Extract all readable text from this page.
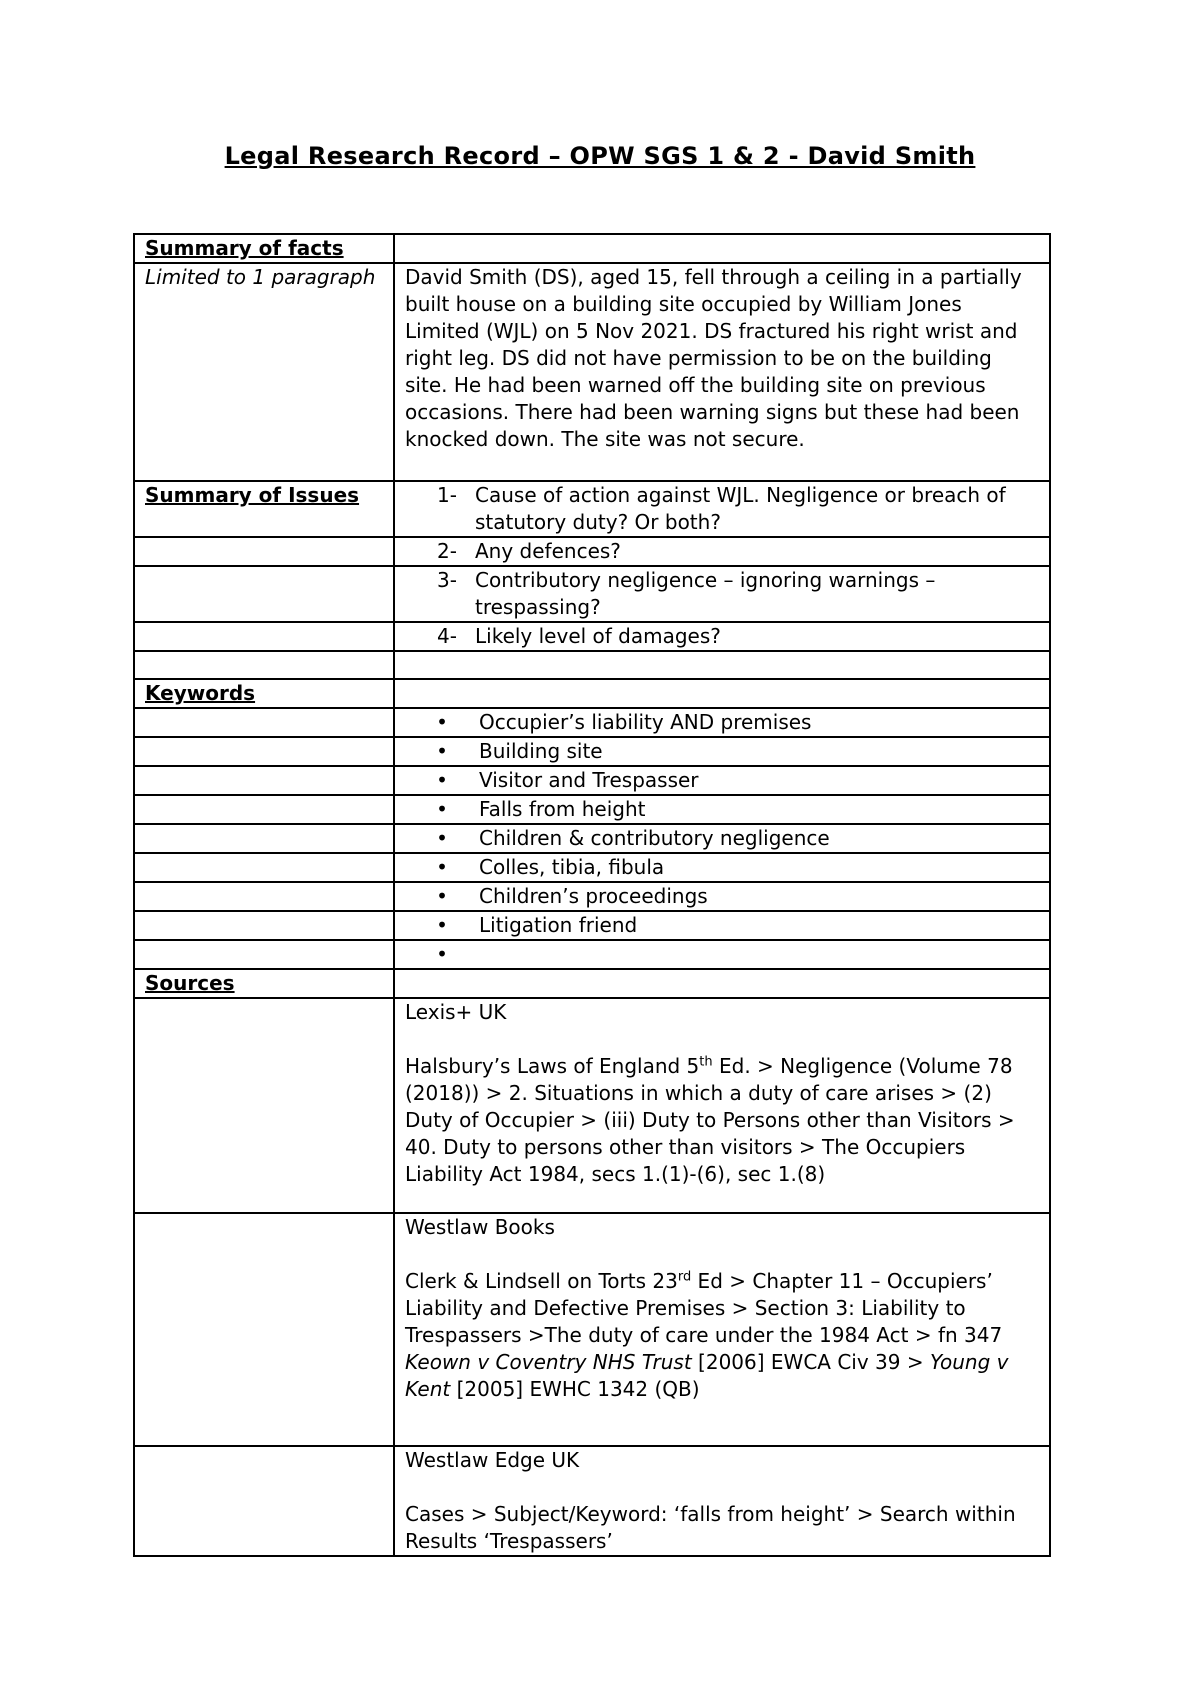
Legal Research Record – OPW SGS 1 & 2 - David Smith
Summary of facts	
Limited to 1 paragraph	David Smith (DS), aged 15, fell through a ceiling in a partially built house on a building site occupied by William Jones Limited (WJL) on 5 Nov 2021. DS fractured his right wrist and right leg. DS did not have permission to be on the building site. He had been warned off the building site on previous occasions. There had been warning signs but these had been knocked down. The site was not secure.

Summary of Issues	1- Cause of action against WJL. Negligence or breach of statutory duty? Or both?

	2- Any defences?

	3- Contributory negligence – ignoring warnings – trespassing?

	4- Likely level of damages?

Keywords	
	• Occupier’s liability AND premises
	• Building site
	• Visitor and Trespasser
	• Falls from height
	• Children & contributory negligence
	• Colles, tibia, fibula
	• Children’s proceedings
	• Litigation friend
	•
Sources	

	Lexis+ UK
Halsbury’s Laws of England 5th Ed. > Negligence (Volume 78 (2018)) > 2. Situations in which a duty of care arises > (2) Duty of Occupier > (iii) Duty to Persons other than Visitors > 40. Duty to persons other than visitors > The Occupiers Liability Act 1984, secs 1.(1)-(6), sec 1.(8)

	Westlaw Books
Clerk & Lindsell on Torts 23rd Ed > Chapter 11 – Occupiers’ Liability and Defective Premises > Section 3: Liability to Trespassers >The duty of care under the 1984 Act > fn 347 Keown v Coventry NHS Trust [2006] EWCA Civ 39 > Young v Kent [2005] EWHC 1342 (QB)

	Westlaw Edge UK
Cases > Subject/Keyword: ‘falls from height’ > Search within Results ‘Trespassers’
